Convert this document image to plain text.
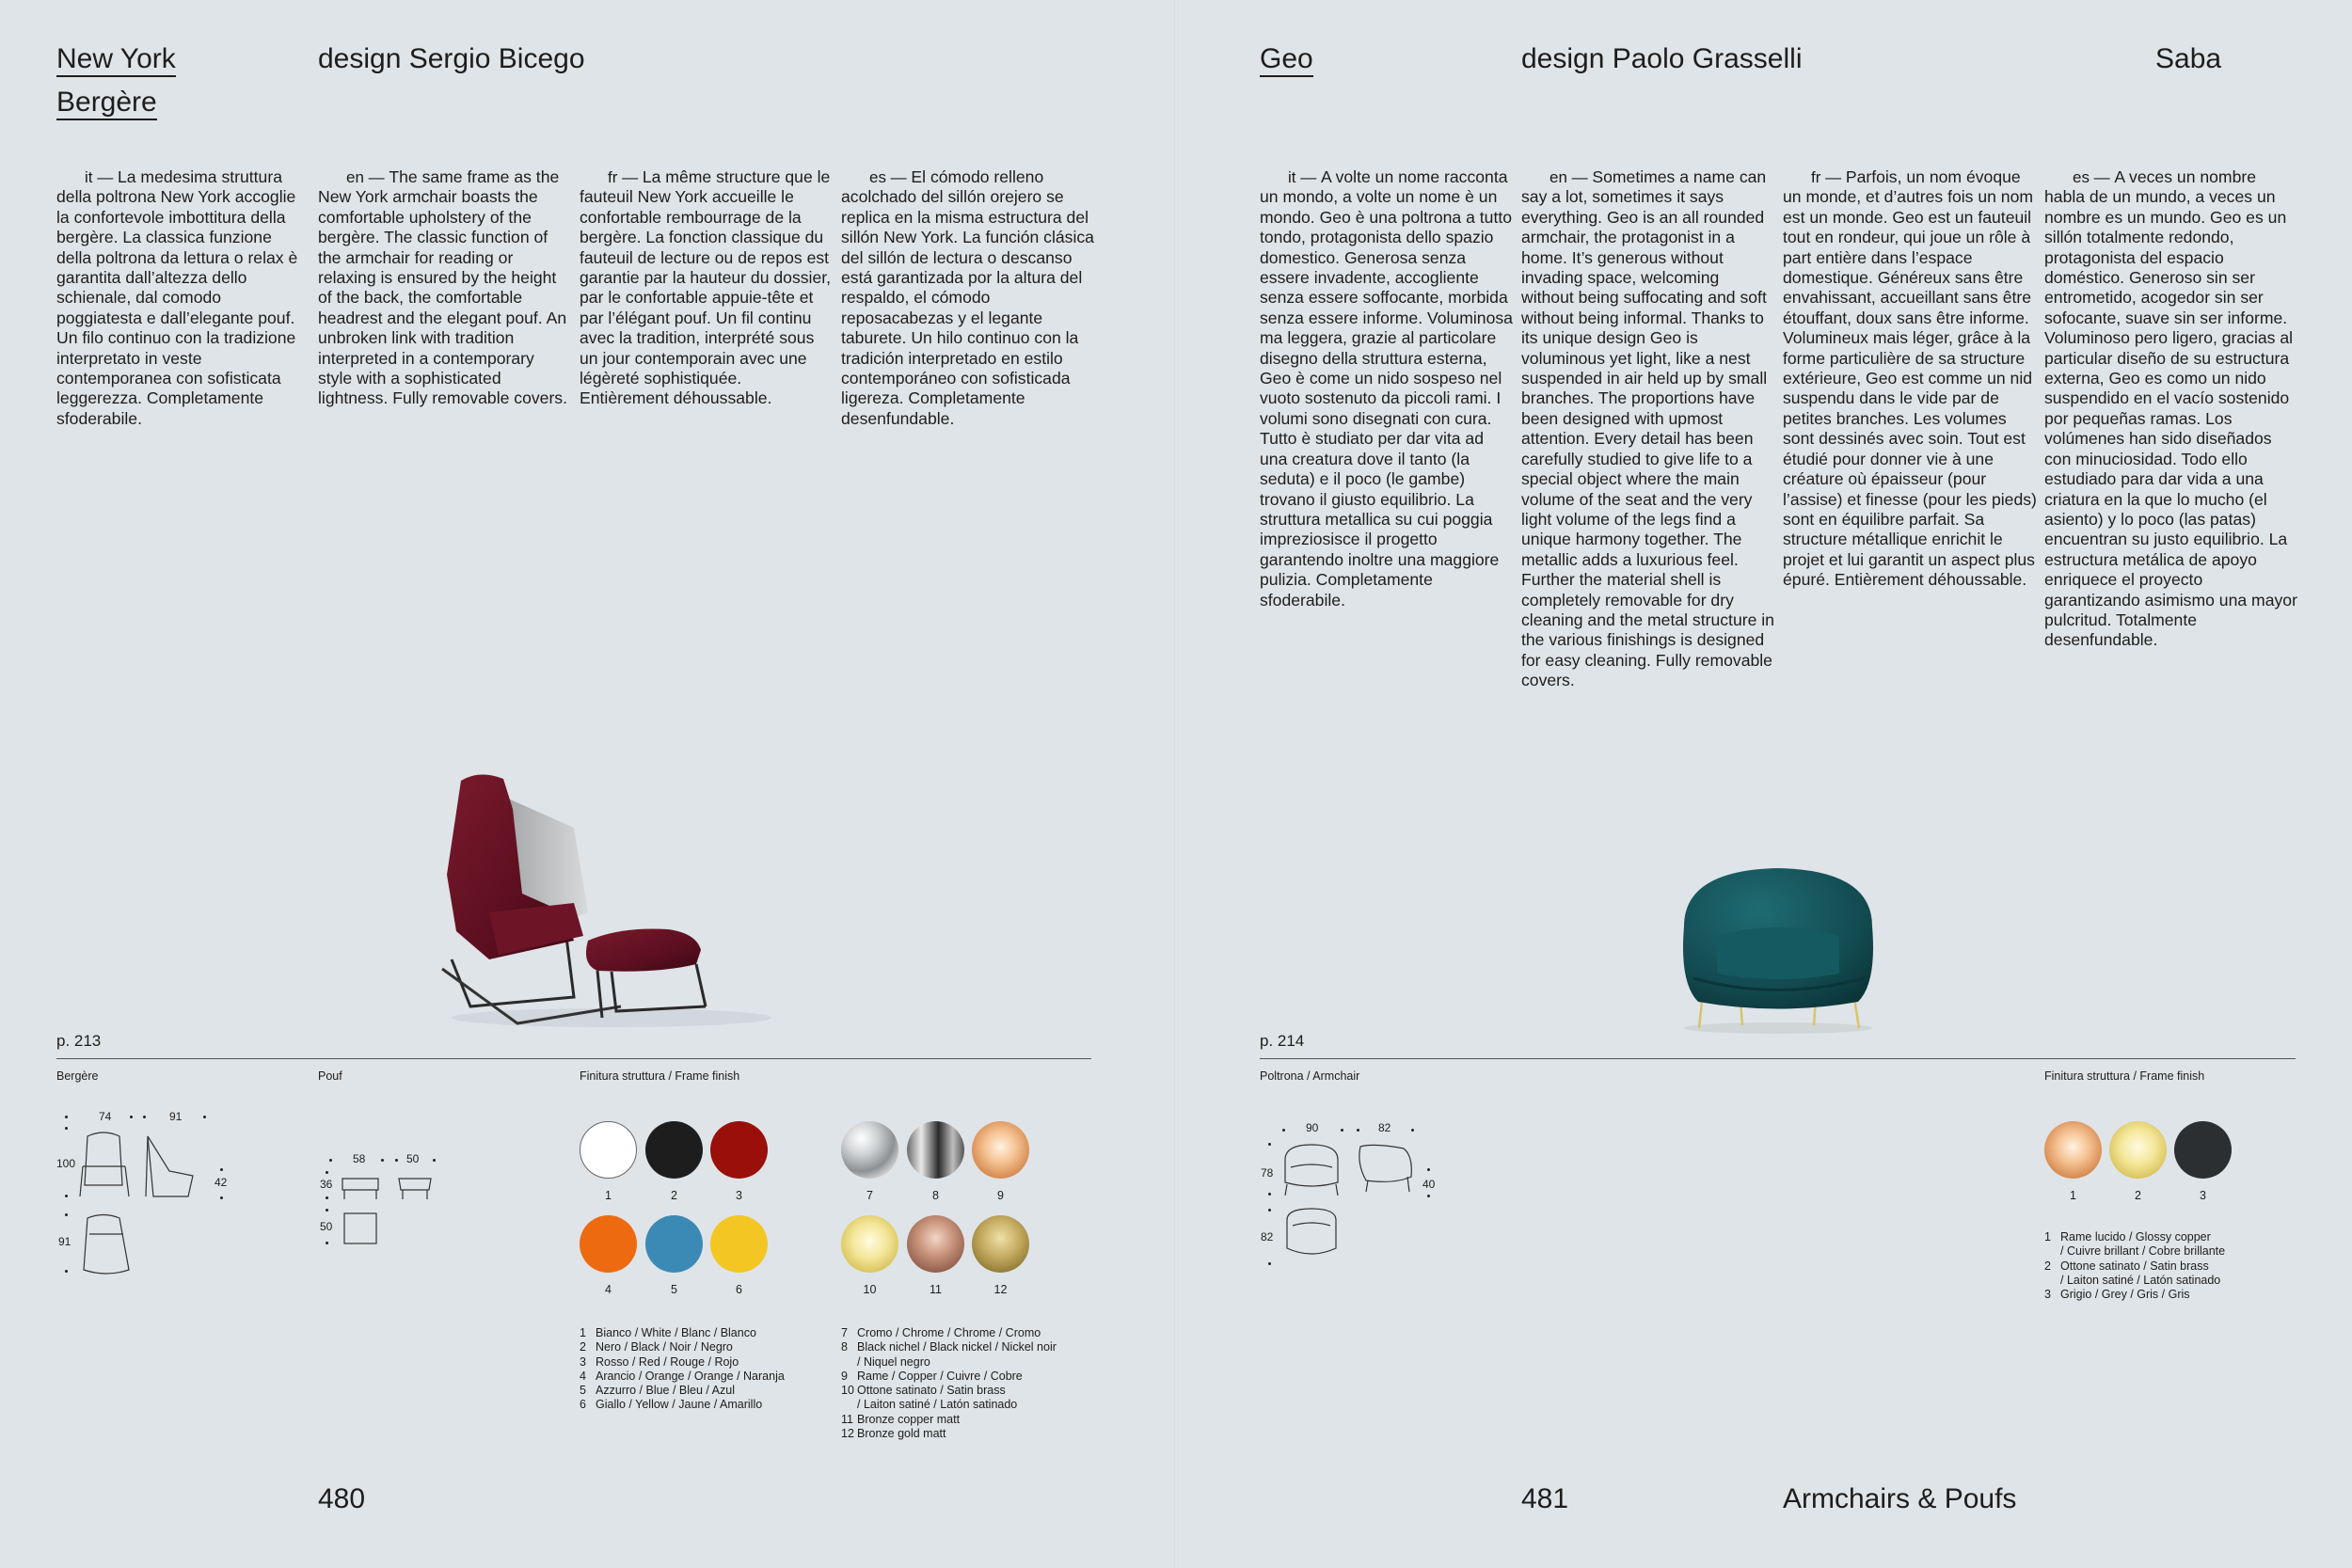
New York
Bergère
design Sergio Bicego

it — La medesima struttura della poltrona New York accoglie la confortevole imbottitura della bergère. La classica funzione della poltrona da lettura o relax è garantita dall’altezza dello schienale, dal comodo poggiatesta e dall’elegante pouf. Un filo continuo con la tradizione interpretato in veste contemporanea con sofisticata leggerezza. Completamente sfoderabile.

en — The same frame as the New York armchair boasts the comfortable upholstery of the bergère. The classic function of the armchair for reading or relaxing is ensured by the height of the back, the comfortable headrest and the elegant pouf. An unbroken link with tradition interpreted in a contemporary style with a sophisticated lightness. Fully removable covers.

fr — La même structure que le fauteuil New York accueille le confortable rembourrage de la bergère. La fonction classique du fauteuil de lecture ou de repos est garantie par la hauteur du dossier, par le confortable appuie-tête et par l’élégant pouf. Un fil continu avec la tradition, interprété sous un jour contemporain avec une légèreté sophistiquée. Entièrement déhoussable.

es — El cómodo relleno acolchado del sillón orejero se replica en la misma estructura del sillón New York. La función clásica del sillón de lectura o descanso está garantizada por la altura del respaldo, el cómodo reposacabezas y el legante taburete. Un hilo continuo con la tradición interpretado en estilo contemporáneo con sofisticada ligereza. Completamente desenfundable.

p. 213
Bergère	Pouf	Finitura struttura / Frame finish
74	91
100
42
91
58	50
36
50
1	2	3
4	5	6
7	8	9
10	11	12
1 Bianco / White / Blanc / Blanco
2 Nero / Black / Noir / Negro
3 Rosso / Red / Rouge / Rojo
4 Arancio / Orange / Orange / Naranja
5 Azzurro / Blue / Bleu / Azul
6 Giallo / Yellow / Jaune / Amarillo
7 Cromo / Chrome / Chrome / Cromo
8 Black nichel / Black nickel / Nickel noir
/ Niquel negro
9 Rame / Copper / Cuivre / Cobre
10 Ottone satinato / Satin brass
/ Laiton satiné / Latón satinado
11 Bronze copper matt
12 Bronze gold matt
480
Geo	design Paolo Grasselli	Saba

it — A volte un nome racconta un mondo, a volte un nome è un mondo. Geo è una poltrona a tutto tondo, protagonista dello spazio domestico. Generosa senza essere invadente, accogliente senza essere soffocante, morbida senza essere informe. Voluminosa ma leggera, grazie al particolare disegno della struttura esterna, Geo è come un nido sospeso nel vuoto sostenuto da piccoli rami. I volumi sono disegnati con cura. Tutto è studiato per dar vita ad una creatura dove il tanto (la seduta) e il poco (le gambe) trovano il giusto equilibrio. La struttura metallica su cui poggia impreziosisce il progetto garantendo inoltre una maggiore pulizia. Completamente sfoderabile.

en — Sometimes a name can say a lot, sometimes it says everything. Geo is an all rounded armchair, the protagonist in a home. It’s generous without invading space, welcoming without being suffocating and soft without being informal. Thanks to its unique design Geo is voluminous yet light, like a nest suspended in air held up by small branches. The proportions have been designed with upmost attention. Every detail has been carefully studied to give life to a special object where the main volume of the seat and the very light volume of the legs find a unique harmony together. The metallic adds a luxurious feel. Further the material shell is completely removable for dry cleaning and the metal structure in the various finishings is designed for easy cleaning. Fully removable covers.

fr — Parfois, un nom évoque un monde, et d’autres fois un nom est un monde. Geo est un fauteuil tout en rondeur, qui joue un rôle à part entière dans l’espace domestique. Généreux sans être envahissant, accueillant sans être étouffant, doux sans être informe. Volumineux mais léger, grâce à la forme particulière de sa structure extérieure, Geo est comme un nid suspendu dans le vide par de petites branches. Les volumes sont dessinés avec soin. Tout est étudié pour donner vie à une créature où épaisseur (pour l’assise) et finesse (pour les pieds) sont en équilibre parfait. Sa structure métallique enrichit le projet et lui garantit un aspect plus épuré. Entièrement déhoussable.

es — A veces un nombre habla de un mundo, a veces un nombre es un mundo. Geo es un sillón totalmente redondo, protagonista del espacio doméstico. Generoso sin ser entrometido, acogedor sin ser sofocante, suave sin ser informe. Voluminoso pero ligero, gracias al particular diseño de su estructura externa, Geo es como un nido suspendido en el vacío sostenido por pequeñas ramas. Los volúmenes han sido diseñados con minuciosidad. Todo ello estudiado para dar vida a una criatura en la que lo mucho (el asiento) y lo poco (las patas) encuentran su justo equilibrio. La estructura metálica de apoyo enriquece el proyecto garantizando asimismo una mayor pulcritud. Totalmente desenfundable.

p. 214
Poltrona / Armchair	Finitura struttura / Frame finish
90	82
78
40
82
1	2	3
1 Rame lucido / Glossy copper
/ Cuivre brillant / Cobre brillante
2 Ottone satinato / Satin brass
/ Laiton satiné / Latón satinado
3 Grigio / Grey / Gris / Gris
481	Armchairs & Poufs
